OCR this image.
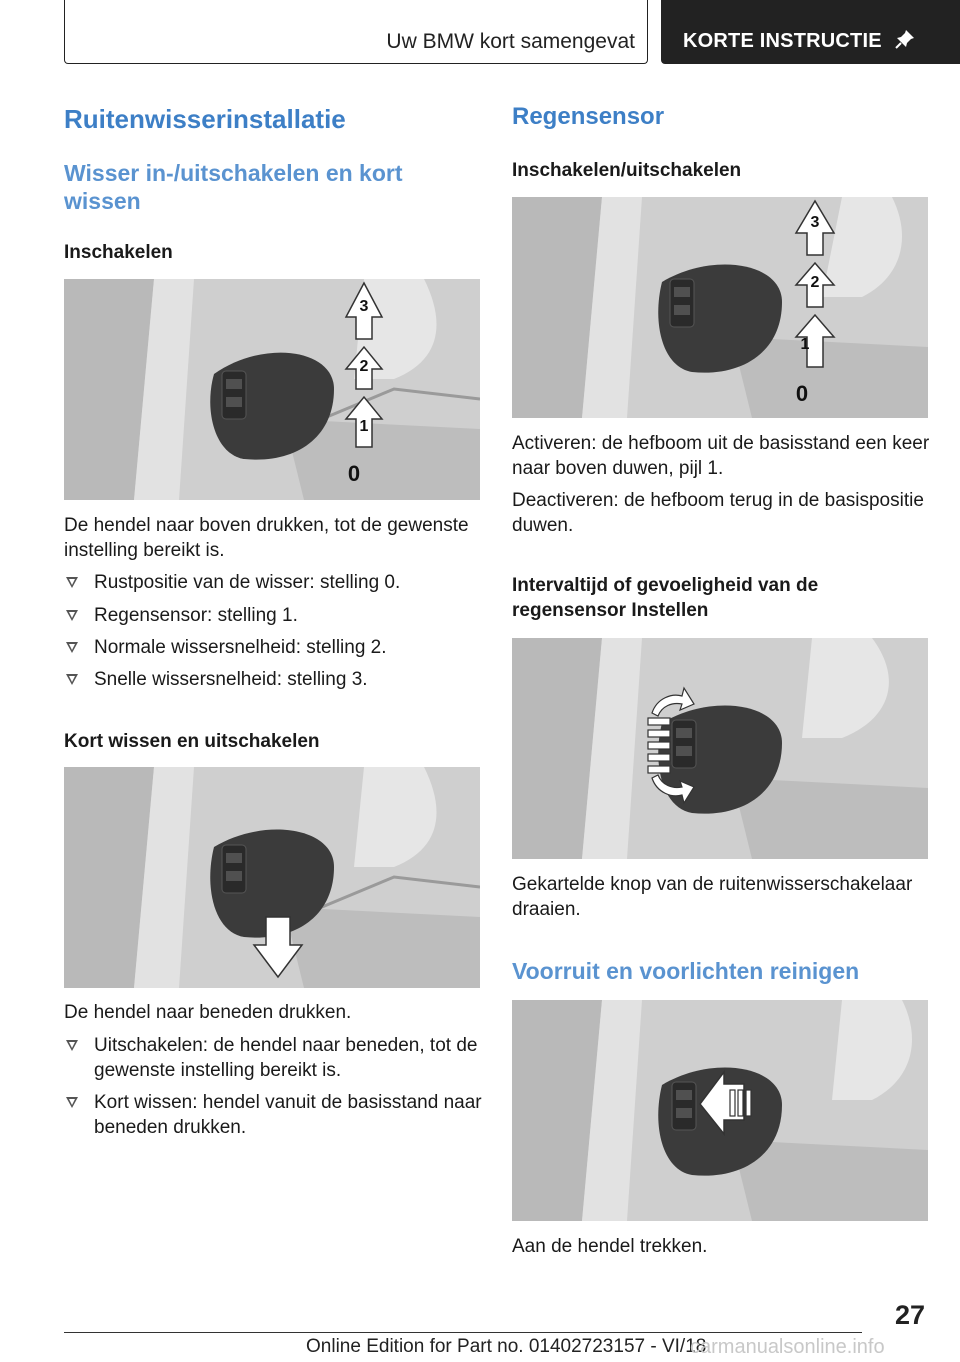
Uw BMW kort samengevat KORTE INSTRUCTIE
Ruitenwisserinstallatie
Wisser in-/uitschakelen en kort wissen
Inschakelen
3
2
1
0
De hendel naar boven drukken, tot de gewenste instelling bereikt is.
Rustpositie van de wisser: stelling 0.
Regensensor: stelling 1.
Normale wissersnelheid: stelling 2.
Snelle wissersnelheid: stelling 3.
Kort wissen en uitschakelen
De hendel naar beneden drukken.
Uitschakelen: de hendel naar beneden, tot de gewenste instelling bereikt is.
Kort wissen: hendel vanuit de basisstand naar beneden drukken.
Regensensor
Inschakelen/uitschakelen
3
2
1
0
Activeren: de hefboom uit de basisstand een keer naar boven duwen, pijl 1.
Deactiveren: de hefboom terug in de basispositie duwen.
Intervaltijd of gevoeligheid van de regensensor Instellen
Gekartelde knop van de ruitenwisserschakelaar draaien.
Voorruit en voorlichten reinigen
Aan de hendel trekken.
27
Online Edition for Part no. 01402723157 - VI/18
carmanualsonline.info
